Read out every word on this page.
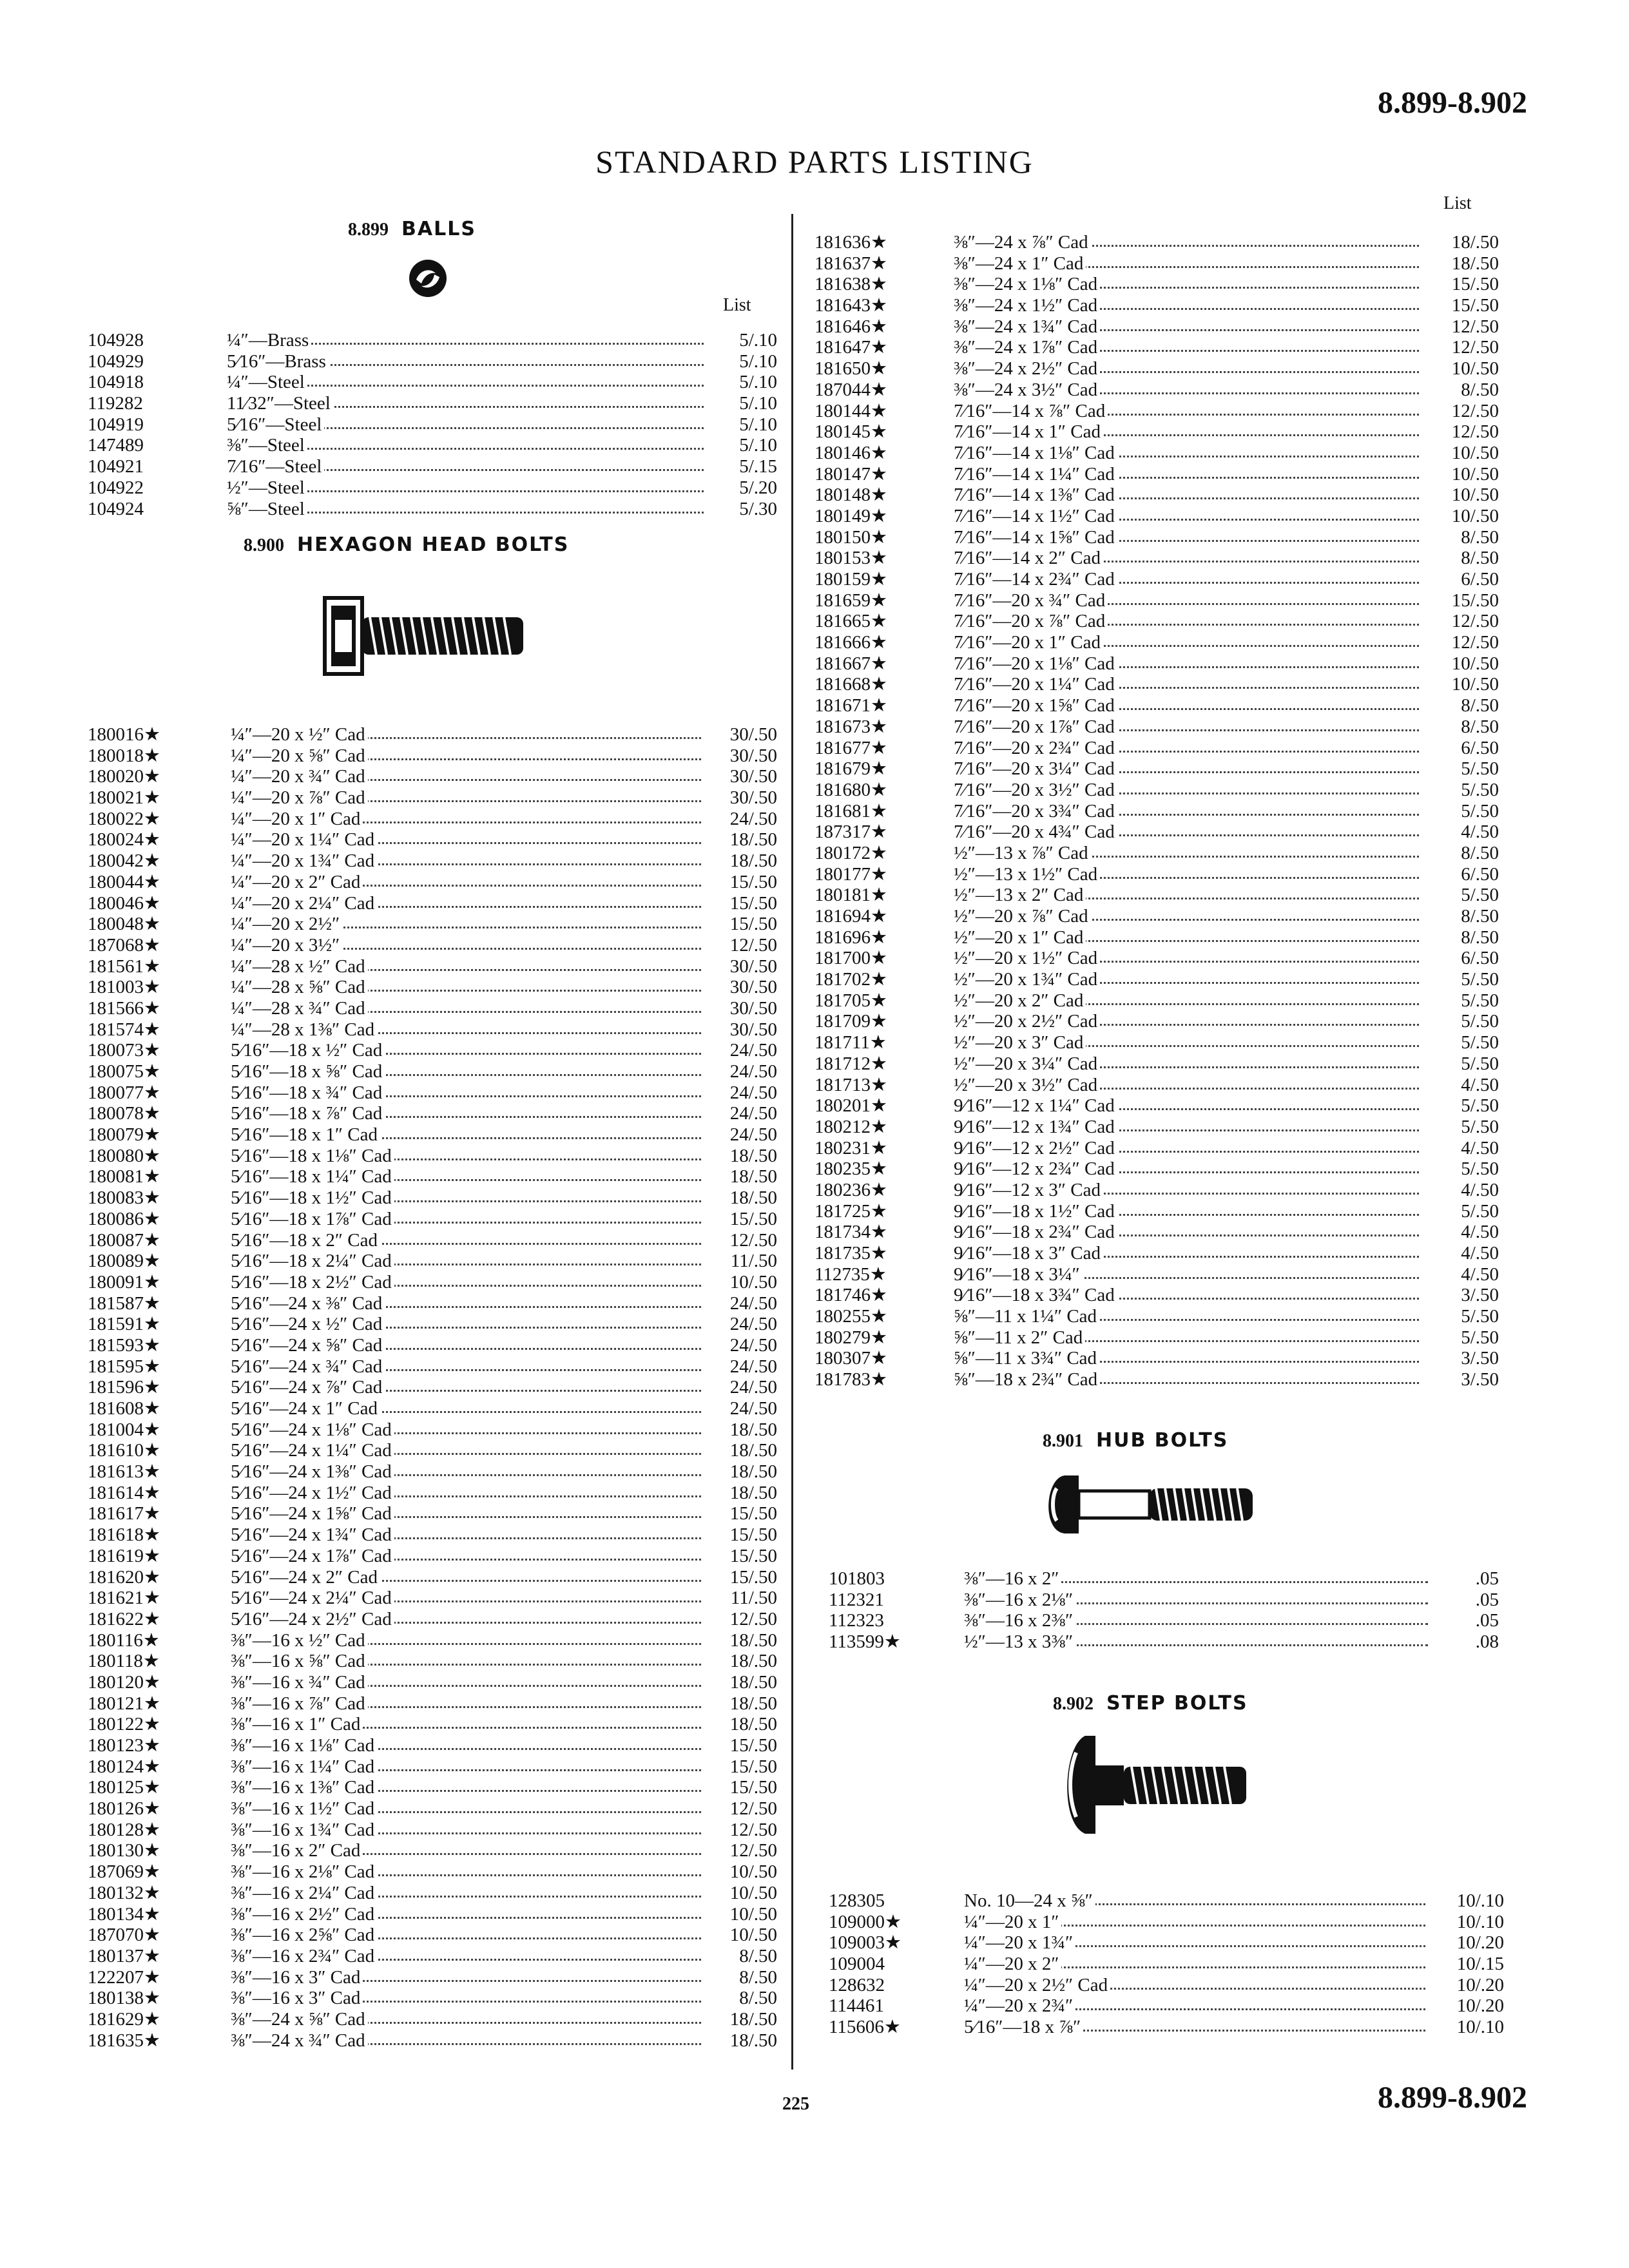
8.899-8.902
STANDARD PARTS LISTING
8.899 BALLS
List
104928	¼″—Brass	5/.10
104929	5⁄16″—Brass	5/.10
104918	¼″—Steel	5/.10
119282	11⁄32″—Steel	5/.10
104919	5⁄16″—Steel	5/.10
147489	⅜″—Steel	5/.10
104921	7⁄16″—Steel	5/.15
104922	½″—Steel	5/.20
104924	⅝″—Steel	5/.30
8.900 HEXAGON HEAD BOLTS
180016★	¼″—20 x ½″ Cad	30/.50
180018★	¼″—20 x ⅝″ Cad	30/.50
180020★	¼″—20 x ¾″ Cad	30/.50
180021★	¼″—20 x ⅞″ Cad	30/.50
180022★	¼″—20 x 1″ Cad	24/.50
180024★	¼″—20 x 1¼″ Cad	18/.50
180042★	¼″—20 x 1¾″ Cad	18/.50
180044★	¼″—20 x 2″ Cad	15/.50
180046★	¼″—20 x 2¼″ Cad	15/.50
180048★	¼″—20 x 2½″	15/.50
187068★	¼″—20 x 3½″	12/.50
181561★	¼″—28 x ½″ Cad	30/.50
181003★	¼″—28 x ⅝″ Cad	30/.50
181566★	¼″—28 x ¾″ Cad	30/.50
181574★	¼″—28 x 1⅜″ Cad	30/.50
180073★	5⁄16″—18 x ½″ Cad	24/.50
180075★	5⁄16″—18 x ⅝″ Cad	24/.50
180077★	5⁄16″—18 x ¾″ Cad	24/.50
180078★	5⁄16″—18 x ⅞″ Cad	24/.50
180079★	5⁄16″—18 x 1″ Cad	24/.50
180080★	5⁄16″—18 x 1⅛″ Cad	18/.50
180081★	5⁄16″—18 x 1¼″ Cad	18/.50
180083★	5⁄16″—18 x 1½″ Cad	18/.50
180086★	5⁄16″—18 x 1⅞″ Cad	15/.50
180087★	5⁄16″—18 x 2″ Cad	12/.50
180089★	5⁄16″—18 x 2¼″ Cad	11/.50
180091★	5⁄16″—18 x 2½″ Cad	10/.50
181587★	5⁄16″—24 x ⅜″ Cad	24/.50
181591★	5⁄16″—24 x ½″ Cad	24/.50
181593★	5⁄16″—24 x ⅝″ Cad	24/.50
181595★	5⁄16″—24 x ¾″ Cad	24/.50
181596★	5⁄16″—24 x ⅞″ Cad	24/.50
181608★	5⁄16″—24 x 1″ Cad	24/.50
181004★	5⁄16″—24 x 1⅛″ Cad	18/.50
181610★	5⁄16″—24 x 1¼″ Cad	18/.50
181613★	5⁄16″—24 x 1⅜″ Cad	18/.50
181614★	5⁄16″—24 x 1½″ Cad	18/.50
181617★	5⁄16″—24 x 1⅝″ Cad	15/.50
181618★	5⁄16″—24 x 1¾″ Cad	15/.50
181619★	5⁄16″—24 x 1⅞″ Cad	15/.50
181620★	5⁄16″—24 x 2″ Cad	15/.50
181621★	5⁄16″—24 x 2¼″ Cad	11/.50
181622★	5⁄16″—24 x 2½″ Cad	12/.50
180116★	⅜″—16 x ½″ Cad	18/.50
180118★	⅜″—16 x ⅝″ Cad	18/.50
180120★	⅜″—16 x ¾″ Cad	18/.50
180121★	⅜″—16 x ⅞″ Cad	18/.50
180122★	⅜″—16 x 1″ Cad	18/.50
180123★	⅜″—16 x 1⅛″ Cad	15/.50
180124★	⅜″—16 x 1¼″ Cad	15/.50
180125★	⅜″—16 x 1⅜″ Cad	15/.50
180126★	⅜″—16 x 1½″ Cad	12/.50
180128★	⅜″—16 x 1¾″ Cad	12/.50
180130★	⅜″—16 x 2″ Cad	12/.50
187069★	⅜″—16 x 2⅛″ Cad	10/.50
180132★	⅜″—16 x 2¼″ Cad	10/.50
180134★	⅜″—16 x 2½″ Cad	10/.50
187070★	⅜″—16 x 2⅝″ Cad	10/.50
180137★	⅜″—16 x 2¾″ Cad	8/.50
122207★	⅜″—16 x 3″ Cad	8/.50
180138★	⅜″—16 x 3″ Cad	8/.50
181629★	⅜″—24 x ⅝″ Cad	18/.50
181635★	⅜″—24 x ¾″ Cad	18/.50
List
181636★	⅜″—24 x ⅞″ Cad	18/.50
181637★	⅜″—24 x 1″ Cad	18/.50
181638★	⅜″—24 x 1⅛″ Cad	15/.50
181643★	⅜″—24 x 1½″ Cad	15/.50
181646★	⅜″—24 x 1¾″ Cad	12/.50
181647★	⅜″—24 x 1⅞″ Cad	12/.50
181650★	⅜″—24 x 2½″ Cad	10/.50
187044★	⅜″—24 x 3½″ Cad	8/.50
180144★	7⁄16″—14 x ⅞″ Cad	12/.50
180145★	7⁄16″—14 x 1″ Cad	12/.50
180146★	7⁄16″—14 x 1⅛″ Cad	10/.50
180147★	7⁄16″—14 x 1¼″ Cad	10/.50
180148★	7⁄16″—14 x 1⅜″ Cad	10/.50
180149★	7⁄16″—14 x 1½″ Cad	10/.50
180150★	7⁄16″—14 x 1⅝″ Cad	8/.50
180153★	7⁄16″—14 x 2″ Cad	8/.50
180159★	7⁄16″—14 x 2¾″ Cad	6/.50
181659★	7⁄16″—20 x ¾″ Cad	15/.50
181665★	7⁄16″—20 x ⅞″ Cad	12/.50
181666★	7⁄16″—20 x 1″ Cad	12/.50
181667★	7⁄16″—20 x 1⅛″ Cad	10/.50
181668★	7⁄16″—20 x 1¼″ Cad	10/.50
181671★	7⁄16″—20 x 1⅝″ Cad	8/.50
181673★	7⁄16″—20 x 1⅞″ Cad	8/.50
181677★	7⁄16″—20 x 2¾″ Cad	6/.50
181679★	7⁄16″—20 x 3¼″ Cad	5/.50
181680★	7⁄16″—20 x 3½″ Cad	5/.50
181681★	7⁄16″—20 x 3¾″ Cad	5/.50
187317★	7⁄16″—20 x 4¾″ Cad	4/.50
180172★	½″—13 x ⅞″ Cad	8/.50
180177★	½″—13 x 1½″ Cad	6/.50
180181★	½″—13 x 2″ Cad	5/.50
181694★	½″—20 x ⅞″ Cad	8/.50
181696★	½″—20 x 1″ Cad	8/.50
181700★	½″—20 x 1½″ Cad	6/.50
181702★	½″—20 x 1¾″ Cad	5/.50
181705★	½″—20 x 2″ Cad	5/.50
181709★	½″—20 x 2½″ Cad	5/.50
181711★	½″—20 x 3″ Cad	5/.50
181712★	½″—20 x 3¼″ Cad	5/.50
181713★	½″—20 x 3½″ Cad	4/.50
180201★	9⁄16″—12 x 1¼″ Cad	5/.50
180212★	9⁄16″—12 x 1¾″ Cad	5/.50
180231★	9⁄16″—12 x 2½″ Cad	4/.50
180235★	9⁄16″—12 x 2¾″ Cad	5/.50
180236★	9⁄16″—12 x 3″ Cad	4/.50
181725★	9⁄16″—18 x 1½″ Cad	5/.50
181734★	9⁄16″—18 x 2¾″ Cad	4/.50
181735★	9⁄16″—18 x 3″ Cad	4/.50
112735★	9⁄16″—18 x 3¼″	4/.50
181746★	9⁄16″—18 x 3¾″ Cad	3/.50
180255★	⅝″—11 x 1¼″ Cad	5/.50
180279★	⅝″—11 x 2″ Cad	5/.50
180307★	⅝″—11 x 3¾″ Cad	3/.50
181783★	⅝″—18 x 2¾″ Cad	3/.50
8.901 HUB BOLTS
101803	⅜″—16 x 2″	.05
112321	⅜″—16 x 2⅛″	.05
112323	⅜″—16 x 2⅜″	.05
113599★	½″—13 x 3⅜″	.08
8.902 STEP BOLTS
128305	No. 10—24 x ⅝″	10/.10
109000★	¼″—20 x 1″	10/.10
109003★	¼″—20 x 1¾″	10/.20
109004	¼″—20 x 2″	10/.15
128632	¼″—20 x 2½″ Cad	10/.20
114461	¼″—20 x 2¾″	10/.20
115606★	5⁄16″—18 x ⅞″	10/.10
225	8.899-8.902
